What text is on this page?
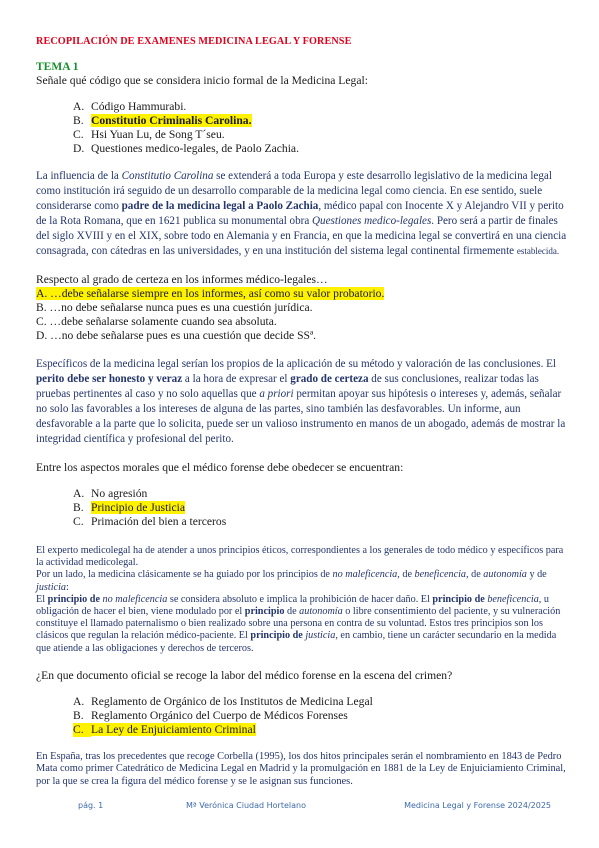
RECOPILACIÓN DE EXAMENES MEDICINA LEGAL Y FORENSE

TEMA 1

Señale qué código que se considera inicio formal de la Medicina Legal:

A. Código Hammurabi.
B. Constitutio Criminalis Carolina.
C. Hsi Yuan Lu, de Song T´seu.
D. Questiones medico-legales, de Paolo Zachia.

La influencia de la Constitutio Carolina se extenderá a toda Europa y este desarrollo legislativo de la medicina legal como institución irá seguido de un desarrollo comparable de la medicina legal como ciencia. En ese sentido, suele considerarse como padre de la medicina legal a Paolo Zachia, médico papal con Inocente X y Alejandro VII y perito de la Rota Romana, que en 1621 publica su monumental obra Questiones medico-legales. Pero será a partir de finales del siglo XVIII y en el XIX, sobre todo en Alemania y en Francia, en que la medicina legal se convertirá en una ciencia consagrada, con cátedras en las universidades, y en una institución del sistema legal continental firmemente establecida.

Respecto al grado de certeza en los informes médico-legales…

A. …debe señalarse siempre en los informes, así como su valor probatorio.
B. …no debe señalarse nunca pues es una cuestión jurídica.
C. …debe señalarse solamente cuando sea absoluta.
D. …no debe señalarse pues es una cuestión que decide SSª.

Específicos de la medicina legal serían los propios de la aplicación de su método y valoración de las conclusiones. El perito debe ser honesto y veraz a la hora de expresar el grado de certeza de sus conclusiones, realizar todas las pruebas pertinentes al caso y no solo aquellas que a priori permitan apoyar sus hipótesis o intereses y, además, señalar no solo las favorables a los intereses de alguna de las partes, sino también las desfavorables. Un informe, aun desfavorable a la parte que lo solicita, puede ser un valioso instrumento en manos de un abogado, además de mostrar la integridad científica y profesional del perito.

Entre los aspectos morales que el médico forense debe obedecer se encuentran:

A. No agresión
B. Principio de Justicia
C. Primación del bien a terceros

El experto medicolegal ha de atender a unos principios éticos, correspondientes a los generales de todo médico y específicos para la actividad medicolegal.

Por un lado, la medicina clásicamente se ha guiado por los principios de no maleficencia, de beneficencia, de autonomía y de justicia:

El principio de no maleficencia se considera absoluto e implica la prohibición de hacer daño. El principio de beneficencia, u obligación de hacer el bien, viene modulado por el principio de autonomía o libre consentimiento del paciente, y su vulneración constituye el llamado paternalismo o bien realizado sobre una persona en contra de su voluntad. Estos tres principios son los clásicos que regulan la relación médico-paciente. El principio de justicia, en cambio, tiene un carácter secundario en la medida que atiende a las obligaciones y derechos de terceros.

¿En que documento oficial se recoge la labor del médico forense en la escena del crimen?

A. Reglamento de Orgánico de los Institutos de Medicina Legal
B. Reglamento Orgánico del Cuerpo de Médicos Forenses
C. La Ley de Enjuiciamiento Criminal

En España, tras los precedentes que recoge Corbella (1995), los dos hitos principales serán el nombramiento en 1843 de Pedro Mata como primer Catedrático de Medicina Legal en Madrid y la promulgación en 1881 de la Ley de Enjuiciamiento Criminal, por la que se crea la figura del médico forense y se le asignan sus funciones.

pág. 1	Mª Verónica Ciudad Hortelano	Medicina Legal y Forense 2024/2025
